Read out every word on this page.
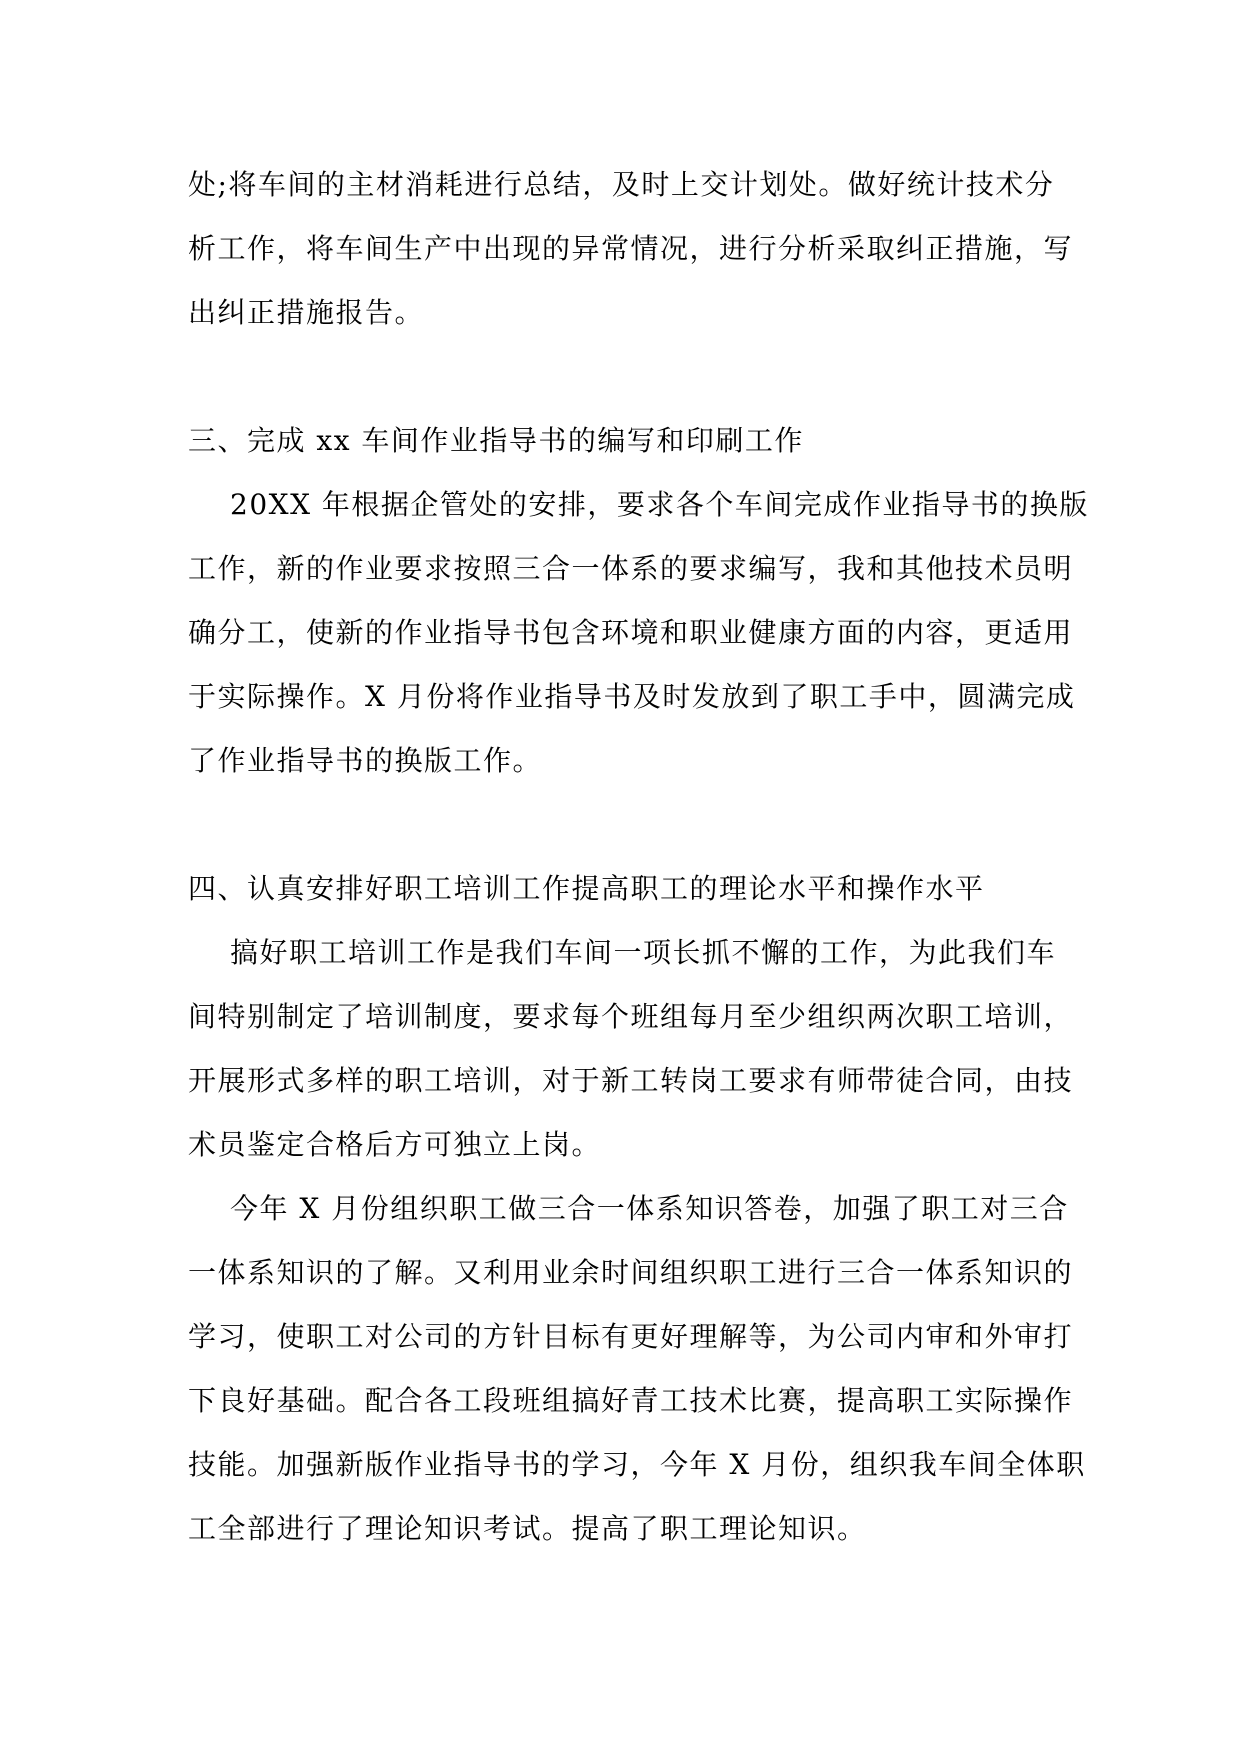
处;将车间的主材消耗进行总结，及时上交计划处。做好统计技术分
析工作，将车间生产中出现的异常情况，进行分析采取纠正措施，写
出纠正措施报告。
三、完成 xx 车间作业指导书的编写和印刷工作
20XX 年根据企管处的安排，要求各个车间完成作业指导书的换版
工作，新的作业要求按照三合一体系的要求编写，我和其他技术员明
确分工，使新的作业指导书包含环境和职业健康方面的内容，更适用
于实际操作。X 月份将作业指导书及时发放到了职工手中，圆满完成
了作业指导书的换版工作。
四、认真安排好职工培训工作提高职工的理论水平和操作水平
搞好职工培训工作是我们车间一项长抓不懈的工作，为此我们车
间特别制定了培训制度，要求每个班组每月至少组织两次职工培训，
开展形式多样的职工培训，对于新工转岗工要求有师带徒合同，由技
术员鉴定合格后方可独立上岗。
今年 X 月份组织职工做三合一体系知识答卷，加强了职工对三合
一体系知识的了解。又利用业余时间组织职工进行三合一体系知识的
学习，使职工对公司的方针目标有更好理解等，为公司内审和外审打
下良好基础。配合各工段班组搞好青工技术比赛，提高职工实际操作
技能。加强新版作业指导书的学习，今年 X 月份，组织我车间全体职
工全部进行了理论知识考试。提高了职工理论知识。
